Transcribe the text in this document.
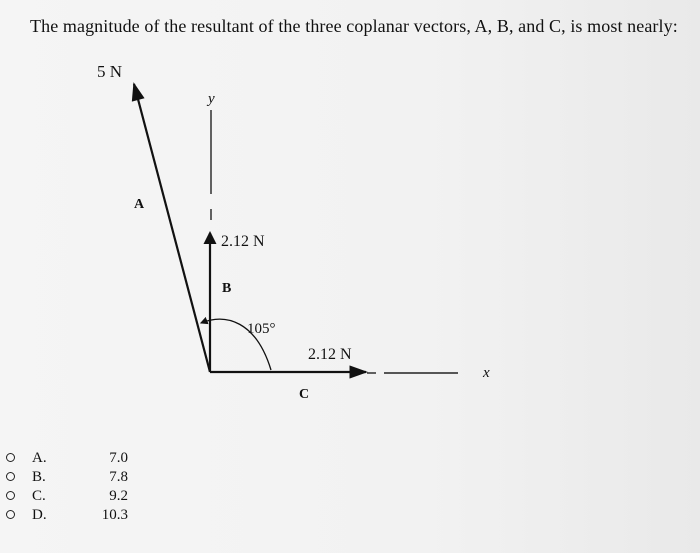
The magnitude of the resultant of the three coplanar vectors, A, B, and C, is most nearly:
y
x
5 N
A
2.12 N
B
2.12 N
C
105°
A.	7.0
B.	7.8
C.	9.2
D.	10.3
